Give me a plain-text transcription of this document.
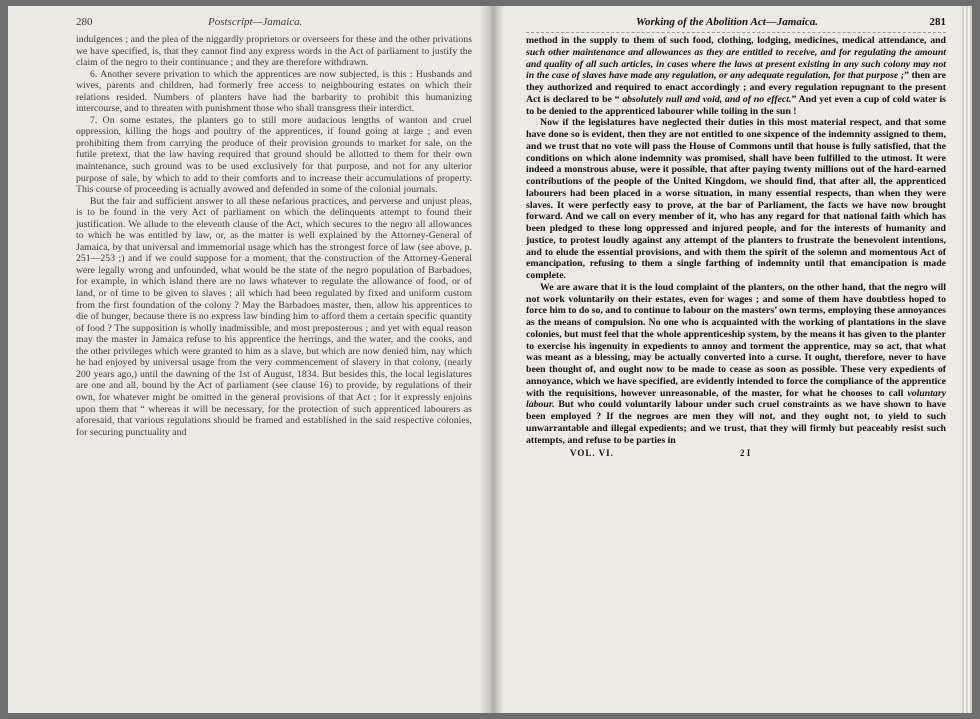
280	Postscript—Jamaica.

indulgences ; and the plea of the niggardly proprietors or overseers for these and the other privations we have specified, is, that they cannot find any express words in the Act of parliament to justify the claim of the negro to their continuance ; and they are therefore withdrawn.

6. Another severe privation to which the apprentices are now subjected, is this : Husbands and wives, parents and children, had formerly free access to neighbouring estates on which their relations resided. Numbers of planters have had the barbarity to prohibit this humanizing intercourse, and to threaten with punishment those who shall transgress their interdict.

7. On some estates, the planters go to still more audacious lengths of wanton and cruel oppression, killing the hogs and poultry of the apprentices, if found going at large ; and even prohibiting them from carrying the produce of their provision grounds to market for sale, on the futile pretext, that the law having required that ground should be allotted to them for their own maintenance, such ground was to be used exclusively for that purpose, and not for any ulterior purpose of sale, by which to add to their comforts and to increase their accumulations of property. This course of proceeding is actually avowed and defended in some of the colonial journals.

But the fair and sufficient answer to all these nefarious practices, and perverse and unjust pleas, is to be found in the very Act of parliament on which the delinquents attempt to found their justification. We allude to the eleventh clause of the Act, which secures to the negro all allowances to which he was entitled by law, or, as the matter is well explained by the Attorney-General of Jamaica, by that universal and immemorial usage which has the strongest force of law (see above, p. 251—253 ;) and if we could suppose for a moment, that the construction of the Attorney-General were legally wrong and unfounded, what would be the state of the negro population of Barbadoes, for example, in which island there are no laws whatever to regulate the allowance of food, or of land, or of time to be given to slaves ; all which had been regulated by fixed and uniform custom from the first foundation of the colony ? May the Barbadoes master, then, allow his apprentices to die of hunger, because there is no express law binding him to afford them a certain specific quantity of food ? The supposition is wholly inadmissible, and most preposterous ; and yet with equal reason may the master in Jamaica refuse to his apprentice the herrings, and the water, and the cooks, and the other privileges which were granted to him as a slave, but which are now denied him, nay which he had enjoyed by universal usage from the very commencement of slavery in that colony, (nearly 200 years ago,) until the dawning of the 1st of August, 1834. But besides this, the local legislatures are one and all, bound by the Act of parliament (see clause 16) to provide, by regulations of their own, for whatever might be omitted in the general provisions of that Act ; for it expressly enjoins upon them that “ whereas it will be necessary, for the protection of such apprenticed labourers as aforesaid, that various regulations should be framed and established in the said respective colonies, for securing punctuality and

Working of the Abolition Act—Jamaica.	281

method in the supply to them of such food, clothing, lodging, medicines, medical attendance, and such other maintenance and allowances as they are entitled to receive, and for regulating the amount and quality of all such articles, in cases where the laws at present existing in any such colony may not in the case of slaves have made any regulation, or any adequate regulation, for that purpose ;” then are they authorized and required to enact accordingly ; and every regulation repugnant to the present Act is declared to be “ absolutely null and void, and of no effect.” And yet even a cup of cold water is to be denied to the apprenticed labourer while toiling in the sun !

Now if the legislatures have neglected their duties in this most material respect, and that some have done so is evident, then they are not entitled to one sixpence of the indemnity assigned to them, and we trust that no vote will pass the House of Commons until that house is fully satisfied, that the conditions on which alone indemnity was promised, shall have been fulfilled to the utmost. It were indeed a monstrous abuse, were it possible, that after paying twenty millions out of the hard-earned contributions of the people of the United Kingdom, we should find, that after all, the apprenticed labourers had been placed in a worse situation, in many essential respects, than when they were slaves. It were perfectly easy to prove, at the bar of Parliament, the facts we have now brought forward. And we call on every member of it, who has any regard for that national faith which has been pledged to these long oppressed and injured people, and for the interests of humanity and justice, to protest loudly against any attempt of the planters to frustrate the benevolent intentions, and to elude the essential provisions, and with them the spirit of the solemn and momentous Act of emancipation, refusing to them a single farthing of indemnity until that emancipation is made complete.

We are aware that it is the loud complaint of the planters, on the other hand, that the negro will not work voluntarily on their estates, even for wages ; and some of them have doubtless hoped to force him to do so, and to continue to labour on the masters’ own terms, employing these annoyances as the means of compulsion. No one who is acquainted with the working of plantations in the slave colonies, but must feel that the whole apprenticeship system, by the means it has given to the planter to exercise his ingenuity in expedients to annoy and torment the apprentice, may so act, that what was meant as a blessing, may be actually converted into a curse. It ought, therefore, never to have been thought of, and ought now to be made to cease as soon as possible. These very expedients of annoyance, which we have specified, are evidently intended to force the compliance of the apprentice with the requisitions, however unreasonable, of the master, for what he chooses to call voluntary labour. But who could voluntarily labour under such cruel constraints as we have shown to have been employed ? If the negroes are men they will not, and they ought not, to yield to such unwarrantable and illegal expedients; and we trust, that they will firmly but peaceably resist such attempts, and refuse to be parties in

VOL. VI.	2 I
